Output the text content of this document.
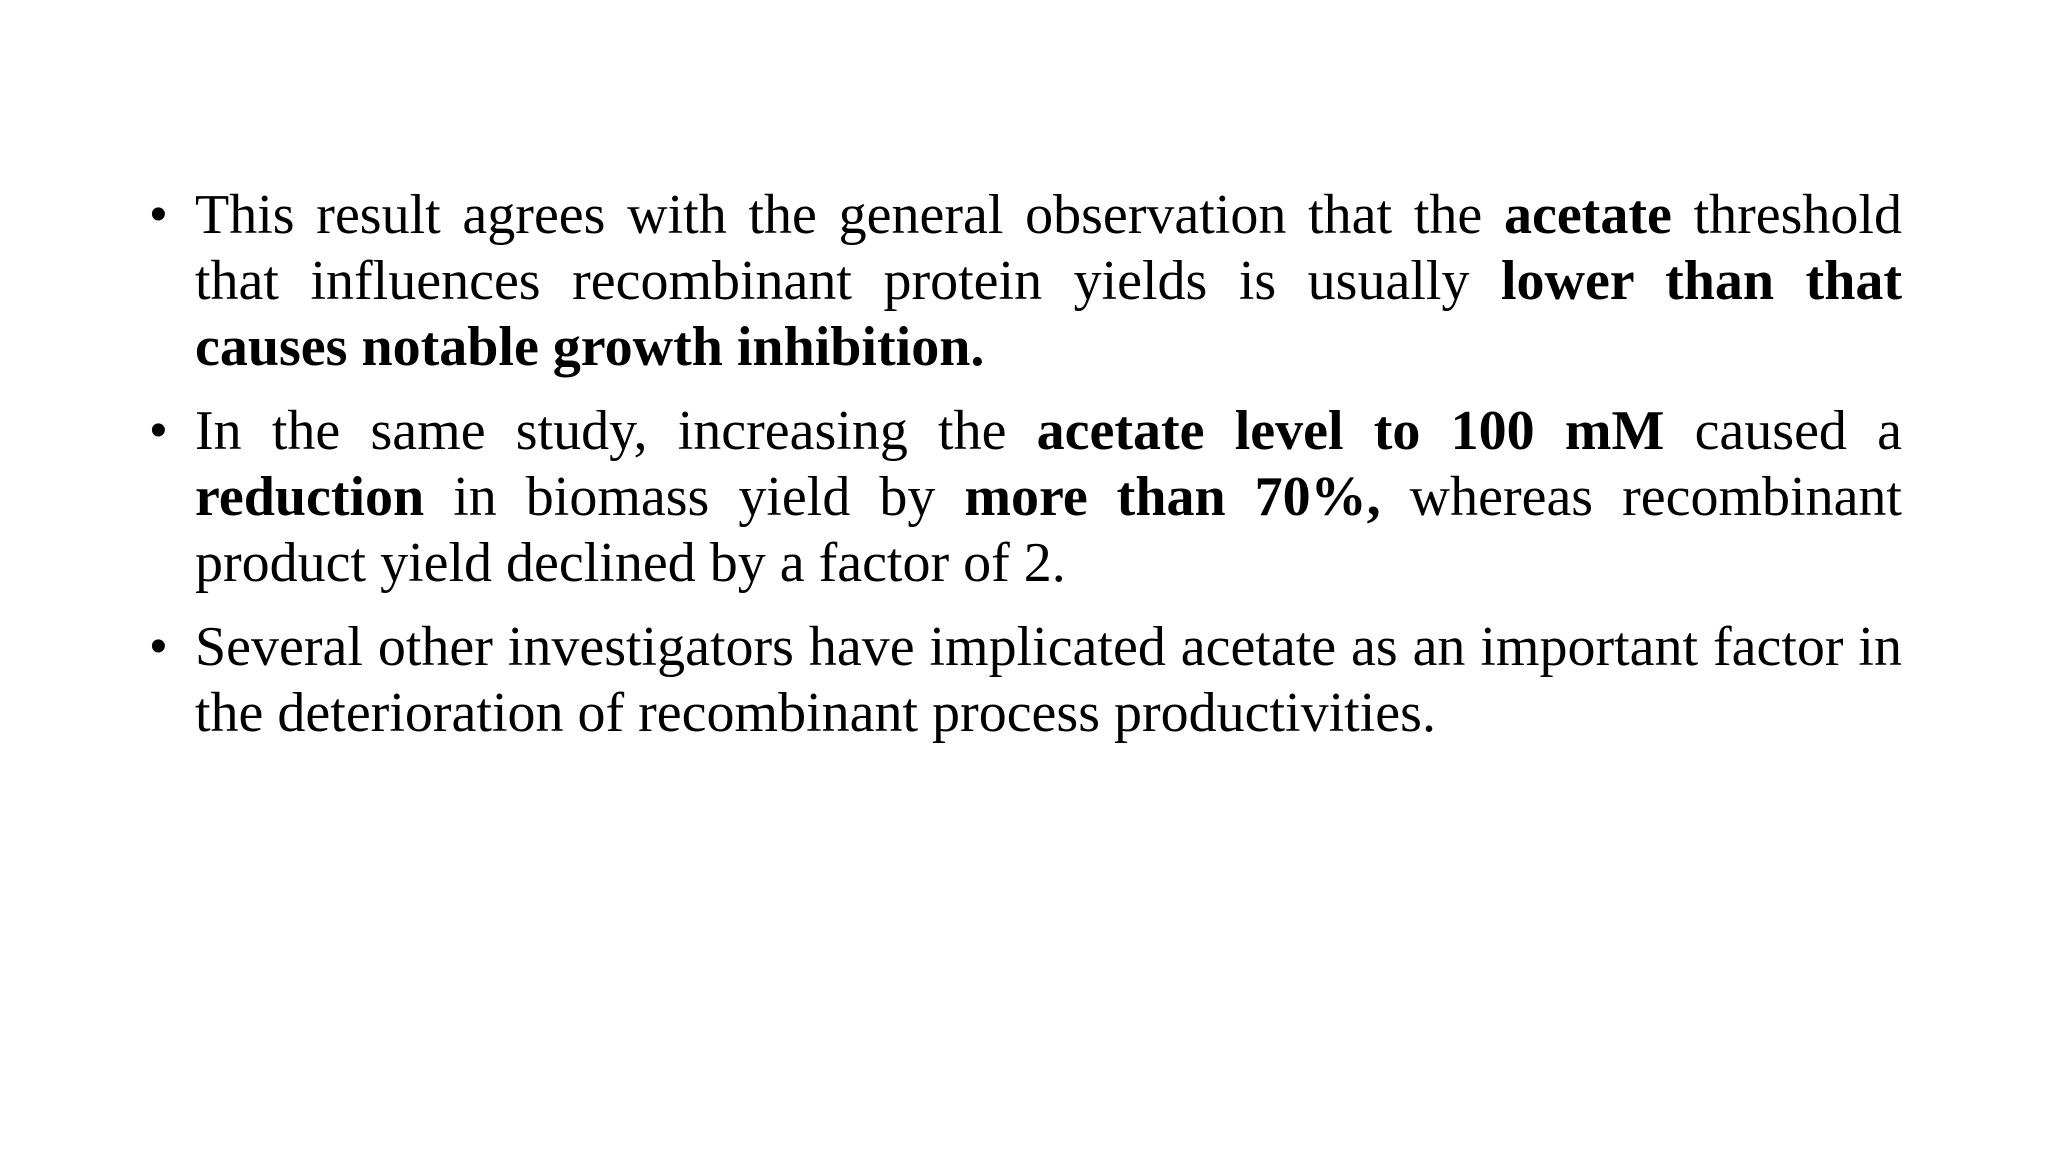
• This result agrees with the general observation that the acetate threshold that influences recombinant protein yields is usually lower than that causes notable growth inhibition.
• In the same study, increasing the acetate level to 100 mM caused a reduction in biomass yield by more than 70%, whereas recombinant product yield declined by a factor of 2.
• Several other investigators have implicated acetate as an important factor in the deterioration of recombinant process productivities.
